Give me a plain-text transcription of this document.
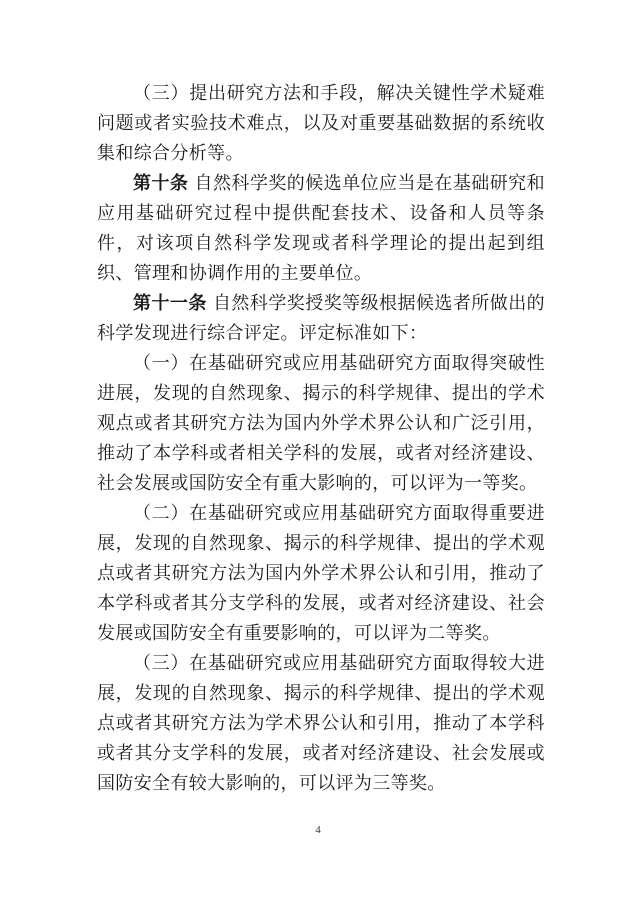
（三）提出研究方法和手段，解决关键性学术疑难问题或者实验技术难点，以及对重要基础数据的系统收集和综合分析等。

第十条 自然科学奖的候选单位应当是在基础研究和应用基础研究过程中提供配套技术、设备和人员等条件，对该项自然科学发现或者科学理论的提出起到组织、管理和协调作用的主要单位。

第十一条 自然科学奖授奖等级根据候选者所做出的科学发现进行综合评定。评定标准如下：

（一）在基础研究或应用基础研究方面取得突破性进展，发现的自然现象、揭示的科学规律、提出的学术观点或者其研究方法为国内外学术界公认和广泛引用，推动了本学科或者相关学科的发展，或者对经济建设、社会发展或国防安全有重大影响的，可以评为一等奖。

（二）在基础研究或应用基础研究方面取得重要进展，发现的自然现象、揭示的科学规律、提出的学术观点或者其研究方法为国内外学术界公认和引用，推动了本学科或者其分支学科的发展，或者对经济建设、社会发展或国防安全有重要影响的，可以评为二等奖。

（三）在基础研究或应用基础研究方面取得较大进展，发现的自然现象、揭示的科学规律、提出的学术观点或者其研究方法为学术界公认和引用，推动了本学科或者其分支学科的发展，或者对经济建设、社会发展或国防安全有较大影响的，可以评为三等奖。

4
